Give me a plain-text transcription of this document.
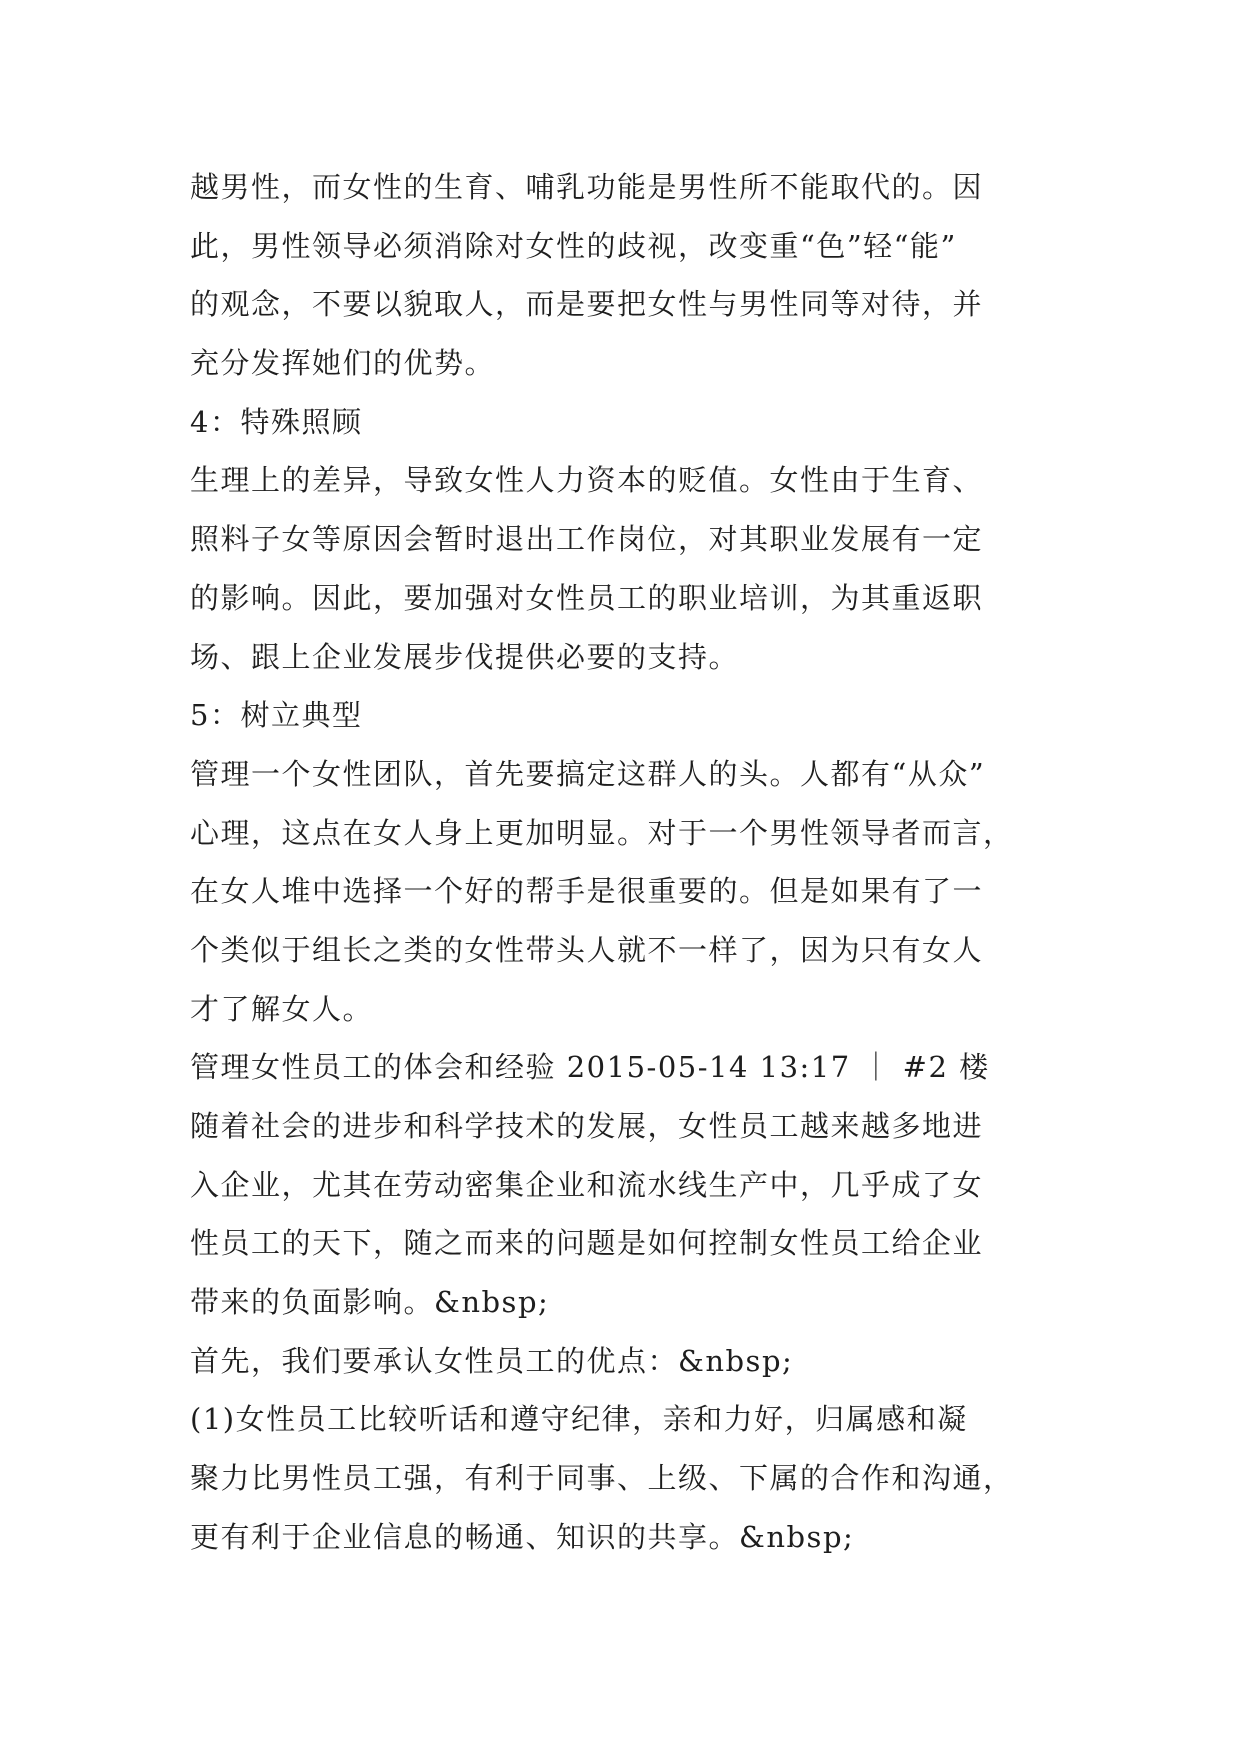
越男性，而女性的生育、哺乳功能是男性所不能取代的。因
此，男性领导必须消除对女性的歧视，改变重“色”轻“能”
的观念，不要以貌取人，而是要把女性与男性同等对待，并
充分发挥她们的优势。
4：特殊照顾
生理上的差异，导致女性人力资本的贬值。女性由于生育、
照料子女等原因会暂时退出工作岗位，对其职业发展有一定
的影响。因此，要加强对女性员工的职业培训，为其重返职
场、跟上企业发展步伐提供必要的支持。
5：树立典型
管理一个女性团队，首先要搞定这群人的头。人都有“从众”
心理，这点在女人身上更加明显。对于一个男性领导者而言，
在女人堆中选择一个好的帮手是很重要的。但是如果有了一
个类似于组长之类的女性带头人就不一样了，因为只有女人
才了解女人。
管理女性员工的体会和经验 2015-05-14 13:17 ｜ #2 楼
随着社会的进步和科学技术的发展，女性员工越来越多地进
入企业，尤其在劳动密集企业和流水线生产中，几乎成了女
性员工的天下，随之而来的问题是如何控制女性员工给企业
带来的负面影响。&nbsp;
首先，我们要承认女性员工的优点：&nbsp;
(1)女性员工比较听话和遵守纪律，亲和力好，归属感和凝
聚力比男性员工强，有利于同事、上级、下属的合作和沟通，
更有利于企业信息的畅通、知识的共享。&nbsp;
